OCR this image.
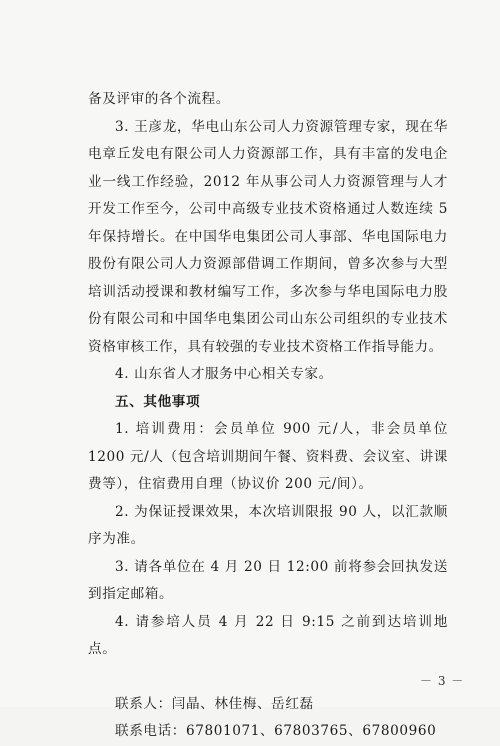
备及评审的各个流程。

3. 王彦龙，华电山东公司人力资源管理专家，现在华电章丘发电有限公司人力资源部工作，具有丰富的发电企业一线工作经验，2012 年从事公司人力资源管理与人才开发工作至今，公司中高级专业技术资格通过人数连续 5 年保持增长。在中国华电集团公司人事部、华电国际电力股份有限公司人力资源部借调工作期间，曾多次参与大型培训活动授课和教材编写工作，多次参与华电国际电力股份有限公司和中国华电集团公司山东公司组织的专业技术资格审核工作，具有较强的专业技术资格工作指导能力。

4. 山东省人才服务中心相关专家。

五、其他事项

1. 培训费用：会员单位 900 元/人，非会员单位 1200 元/人（包含培训期间午餐、资料费、会议室、讲课费等），住宿费用自理（协议价 200 元/间）。

2. 为保证授课效果，本次培训限报 90 人，以汇款顺序为准。

3. 请各单位在 4 月 20 日 12:00 前将参会回执发送到指定邮箱。

4. 请参培人员 4 月 22 日 9:15 之前到达培训地点。

联系人：闫晶、林佳梅、岳红磊

联系电话：67801071、67803765、67800960

－ 3 －
